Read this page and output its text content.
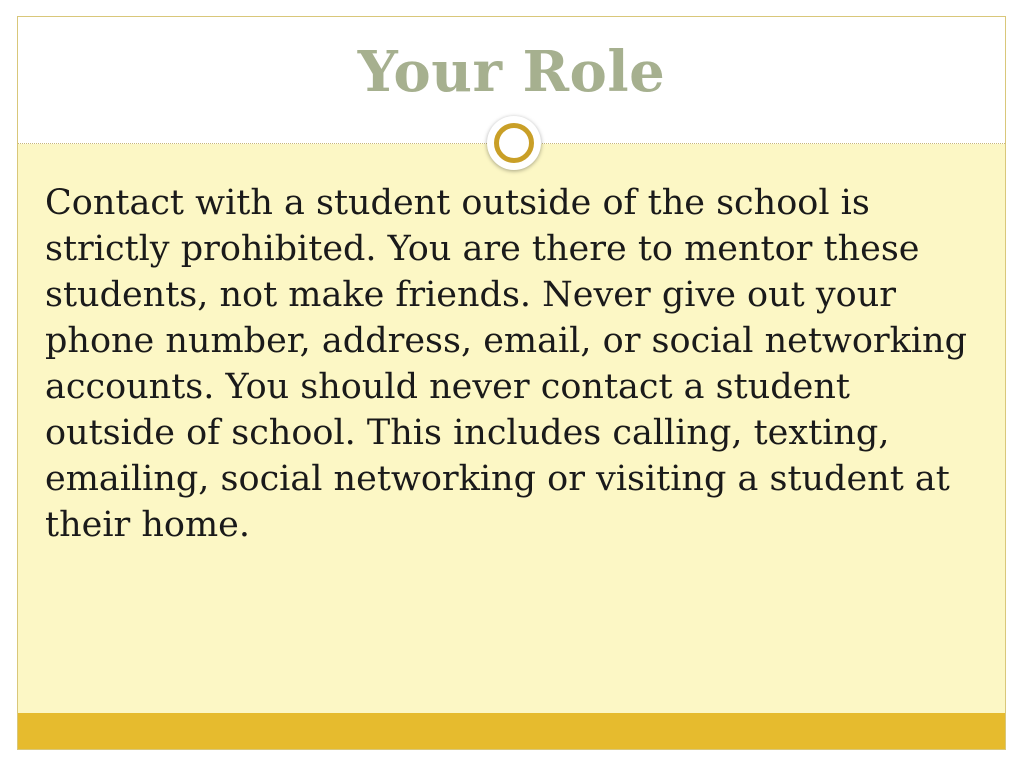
Your Role

Contact with a student outside of the school is strictly prohibited. You are there to mentor these students, not make friends. Never give out your phone number, address, email, or social networking accounts. You should never contact a student outside of school. This includes calling, texting, emailing, social networking or visiting a student at their home.
